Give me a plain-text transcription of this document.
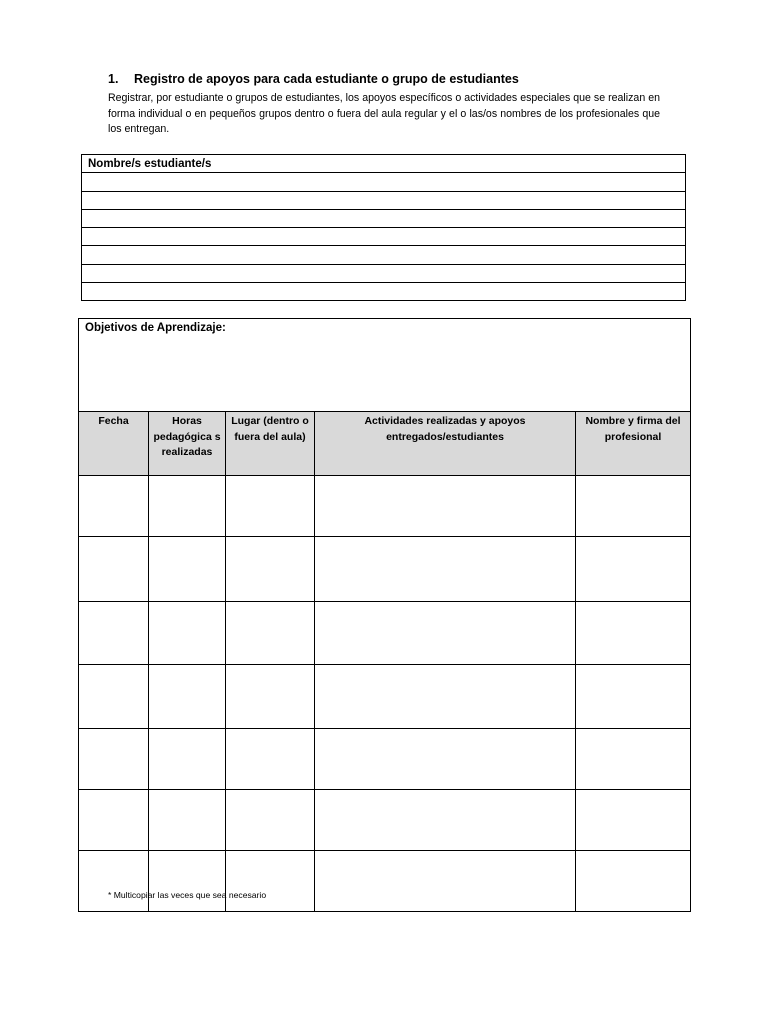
1. Registro de apoyos para cada estudiante o grupo de estudiantes
Registrar, por estudiante o grupos de estudiantes, los apoyos específicos o actividades especiales que se realizan en forma individual o en pequeños grupos dentro o fuera del aula regular y el o las/os nombres de los profesionales que los entregan.
Nombre/s estudiante/s

Objetivos de Aprendizaje:				
Fecha	Horas pedagógica s realizadas	Lugar (dentro o fuera del aula)	Actividades realizadas y apoyos entregados/estudiantes	Nombre y firma del profesional

* Multicopiar las veces que sea necesario
